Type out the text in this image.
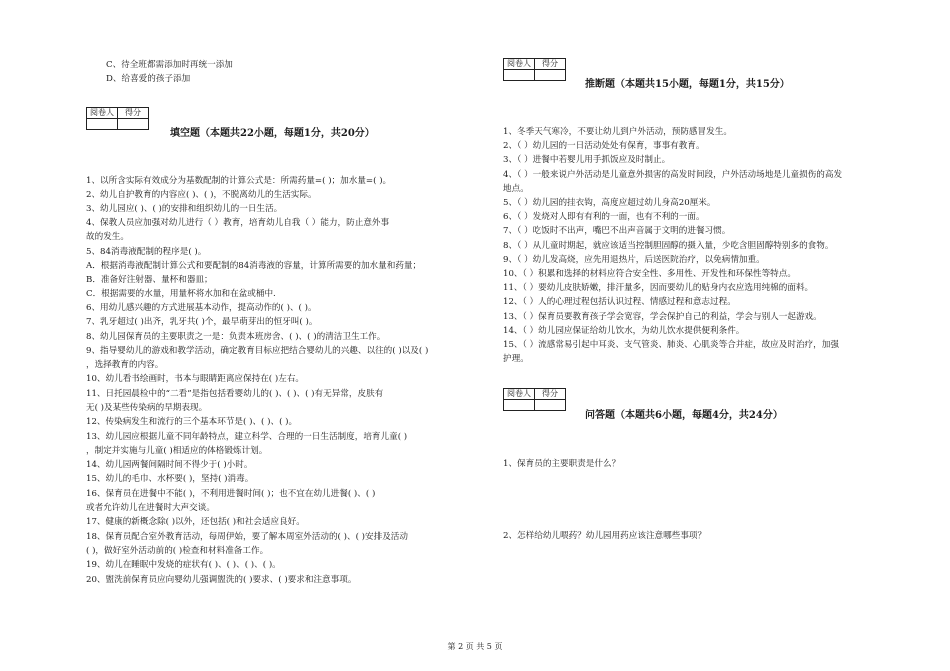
C、待全班都需添加时再统一添加
D、给喜爱的孩子添加
阅卷人	得分

填空题（本题共22小题，每题1分，共20分）
1、以所含实际有效成分为基数配制的计算公式是：所需药量=( )；加水量=( )。
2、幼儿自护教育的内容应( )、( )，不脱离幼儿的生活实际。
3、幼儿园应( )、( )的安排和组织幼儿的一日生活。
4、保教人员应加强对幼儿进行（ ）教育，培育幼儿自我（ ）能力，防止意外事
故的发生。
5、84消毒液配制的程序是( )。
A．根据消毒液配制计算公式和要配制的84消毒液的容量，计算所需要的加水量和药量；
B．准备好注射器、量杯和器皿；
C．根据需要的水量，用量杯将水加和在盆或桶中.
6、用幼儿感兴趣的方式进展基本动作，提高动作的( )、( )。
7、乳牙超过( )出齐，乳牙共( )个，最早萌芽出的恒牙叫( )。
8、幼儿园保育员的主要职责之一是：负责本班房舍、( )、( )的清洁卫生工作。
9、指导婴幼儿的游戏和教学活动，确定教育目标应把结合婴幼儿的兴趣、以往的( )以及( )
，选择教育的内容。
10、幼儿看书绘画时，书本与眼睛距离应保持在( )左右。
11、日托园晨检中的“二看”是指包括看婴幼儿的( )、( )、( )有无异常，皮肤有
无( )及某些传染病的早期表现。
12、传染病发生和流行的三个基本环节是( )、( )、( )。
13、幼儿园应根据儿童不同年龄特点，建立科学、合理的一日生活制度，培育儿童( )
，制定并实施与儿童( )相适应的体格锻炼计划。
14、幼儿园两餐间隔时间不得少于( )小时。
15、幼儿的毛巾、水杯要( )，坚持( )消毒。
16、保育员在进餐中不能( )，不利用进餐时间( )；也不宜在幼儿进餐( )、( )
或者允许幼儿在进餐时大声交谈。
17、健康的新概念除( )以外，还包括( )和社会适应良好。
18、保育员配合室外教育活动，每周伊始，要了解本周室外活动的( )、( )安排及活动
( )，做好室外活动前的( )检查和材料准备工作。
19、幼儿在睡眠中发烧的症状有( )、( )、( )、( )。
20、盥洗前保育员应向婴幼儿强调盥洗的( )要求、( )要求和注意事项。
阅卷人	得分

推断题（本题共15小题，每题1分，共15分）
1、冬季天气寒冷，不要让幼儿到户外活动，预防感冒发生。
2、（ ）幼儿园的一日活动处处有保育，事事有教育。
3、（ ）进餐中若婴儿用手抓饭应及时制止。
4、（ ）一般来说户外活动是儿童意外损害的高发时间段，户外活动场地是儿童损伤的高发
地点。
5、（ ）幼儿园的挂衣钩，高度应超过幼儿身高20厘米。
6、（ ）发烧对人即有有利的一面，也有不利的一面。
7、（ ）吃饭时不出声，嘴巴不出声音属于文明的进餐习惯。
8、（ ）从儿童时期起，就应该适当控制胆固醇的摄入量，少吃含胆固醇特别多的食物。
9、（ ）幼儿发高烧，应先用退热片，后送医院治疗，以免病情加重。
10、（ ）积累和选择的材料应符合安全性、多用性、开发性和环保性等特点。
11、（ ）要幼儿皮肤娇嫩，排汗量多，因而要幼儿的贴身内衣应选用纯棉的面料。
12、（ ）人的心理过程包括认识过程、情感过程和意志过程。
13、（ ）保育员要教育孩子学会宽容，学会保护自己的利益，学会与别人一起游戏。
14、（ ）幼儿园应保证给幼儿饮水，为幼儿饮水提供便利条件。
15、（ ）流感常易引起中耳炎、支气管炎、肺炎、心肌炎等合并症，故应及时治疗，加强
护理。
阅卷人	得分

问答题（本题共6小题，每题4分，共24分）
1、保育员的主要职责是什么？
2、怎样给幼儿喂药？幼儿园用药应该注意哪些事项？
第 2 页 共 5 页
